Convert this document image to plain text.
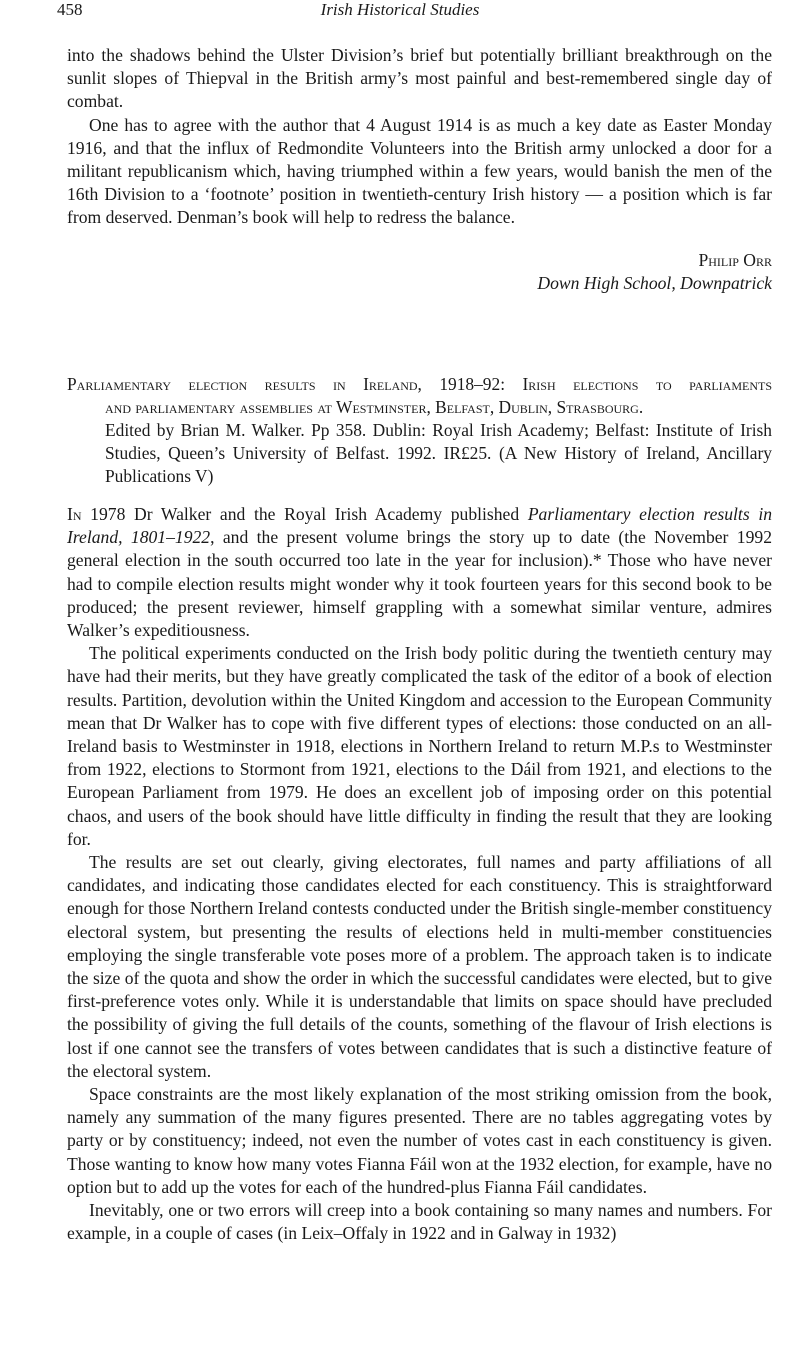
458	Irish Historical Studies

into the shadows behind the Ulster Division’s brief but potentially brilliant breakthrough on the sunlit slopes of Thiepval in the British army’s most painful and best-remembered single day of combat.

One has to agree with the author that 4 August 1914 is as much a key date as Easter Monday 1916, and that the influx of Redmondite Volunteers into the British army unlocked a door for a militant republicanism which, having triumphed within a few years, would banish the men of the 16th Division to a ‘footnote’ position in twentieth-century Irish history — a position which is far from deserved. Denman’s book will help to redress the balance.

Philip Orr
Down High School, Downpatrick
Parliamentary election results in Ireland, 1918–92: Irish elections to parliaments
and parliamentary assemblies at Westminster, Belfast, Dublin, Strasbourg.
Edited by Brian M. Walker. Pp 358. Dublin: Royal Irish Academy; Belfast: Institute of Irish Studies, Queen’s University of Belfast. 1992. IR£25. (A New History of Ireland, Ancillary Publications V)

In 1978 Dr Walker and the Royal Irish Academy published Parliamentary election results in Ireland, 1801–1922, and the present volume brings the story up to date (the November 1992 general election in the south occurred too late in the year for inclusion).* Those who have never had to compile election results might wonder why it took fourteen years for this second book to be produced; the present reviewer, himself grappling with a somewhat similar venture, admires Walker’s expeditiousness.

The political experiments conducted on the Irish body politic during the twentieth century may have had their merits, but they have greatly complicated the task of the editor of a book of election results. Partition, devolution within the United Kingdom and accession to the European Community mean that Dr Walker has to cope with five different types of elections: those conducted on an all-Ireland basis to Westminster in 1918, elections in Northern Ireland to return M.P.s to Westminster from 1922, elections to Stormont from 1921, elections to the Dáil from 1921, and elections to the European Parliament from 1979. He does an excellent job of imposing order on this potential chaos, and users of the book should have little difficulty in finding the result that they are looking for.

The results are set out clearly, giving electorates, full names and party affiliations of all candidates, and indicating those candidates elected for each constituency. This is straightforward enough for those Northern Ireland contests conducted under the British single-member constituency electoral system, but presenting the results of elections held in multi-member constituencies employing the single transferable vote poses more of a problem. The approach taken is to indicate the size of the quota and show the order in which the successful candidates were elected, but to give first-preference votes only. While it is understandable that limits on space should have precluded the possibility of giving the full details of the counts, something of the flavour of Irish elections is lost if one cannot see the transfers of votes between candidates that is such a distinctive feature of the electoral system.

Space constraints are the most likely explanation of the most striking omission from the book, namely any summation of the many figures presented. There are no tables aggregating votes by party or by constituency; indeed, not even the number of votes cast in each constituency is given. Those wanting to know how many votes Fianna Fáil won at the 1932 election, for example, have no option but to add up the votes for each of the hundred-plus Fianna Fáil candidates.

Inevitably, one or two errors will creep into a book containing so many names and numbers. For example, in a couple of cases (in Leix–Offaly in 1922 and in Galway in 1932)
